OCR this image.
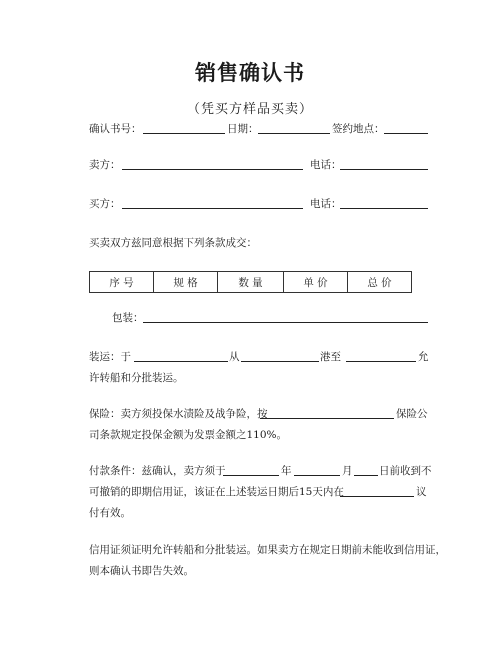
销售确认书
（凭买方样品买卖）
确认书号：	日期：	签约地点：
卖方：	电话：
买方：	电话：
买卖双方兹同意根据下列条款成交：
序 号	规 格	数 量	单 价	总 价
包装：
装运：于	从	港至	允
许转船和分批装运。
保险：卖方须投保水渍险及战争险，按	保险公
司条款规定投保金额为发票金额之110%。
付款条件：兹确认，卖方须于	年	月	日前收到不
可撤销的即期信用证，该证在上述装运日期后15天内在	议
付有效。
信用证须证明允许转船和分批装运。如果卖方在规定日期前未能收到信用证，
则本确认书即告失效。
